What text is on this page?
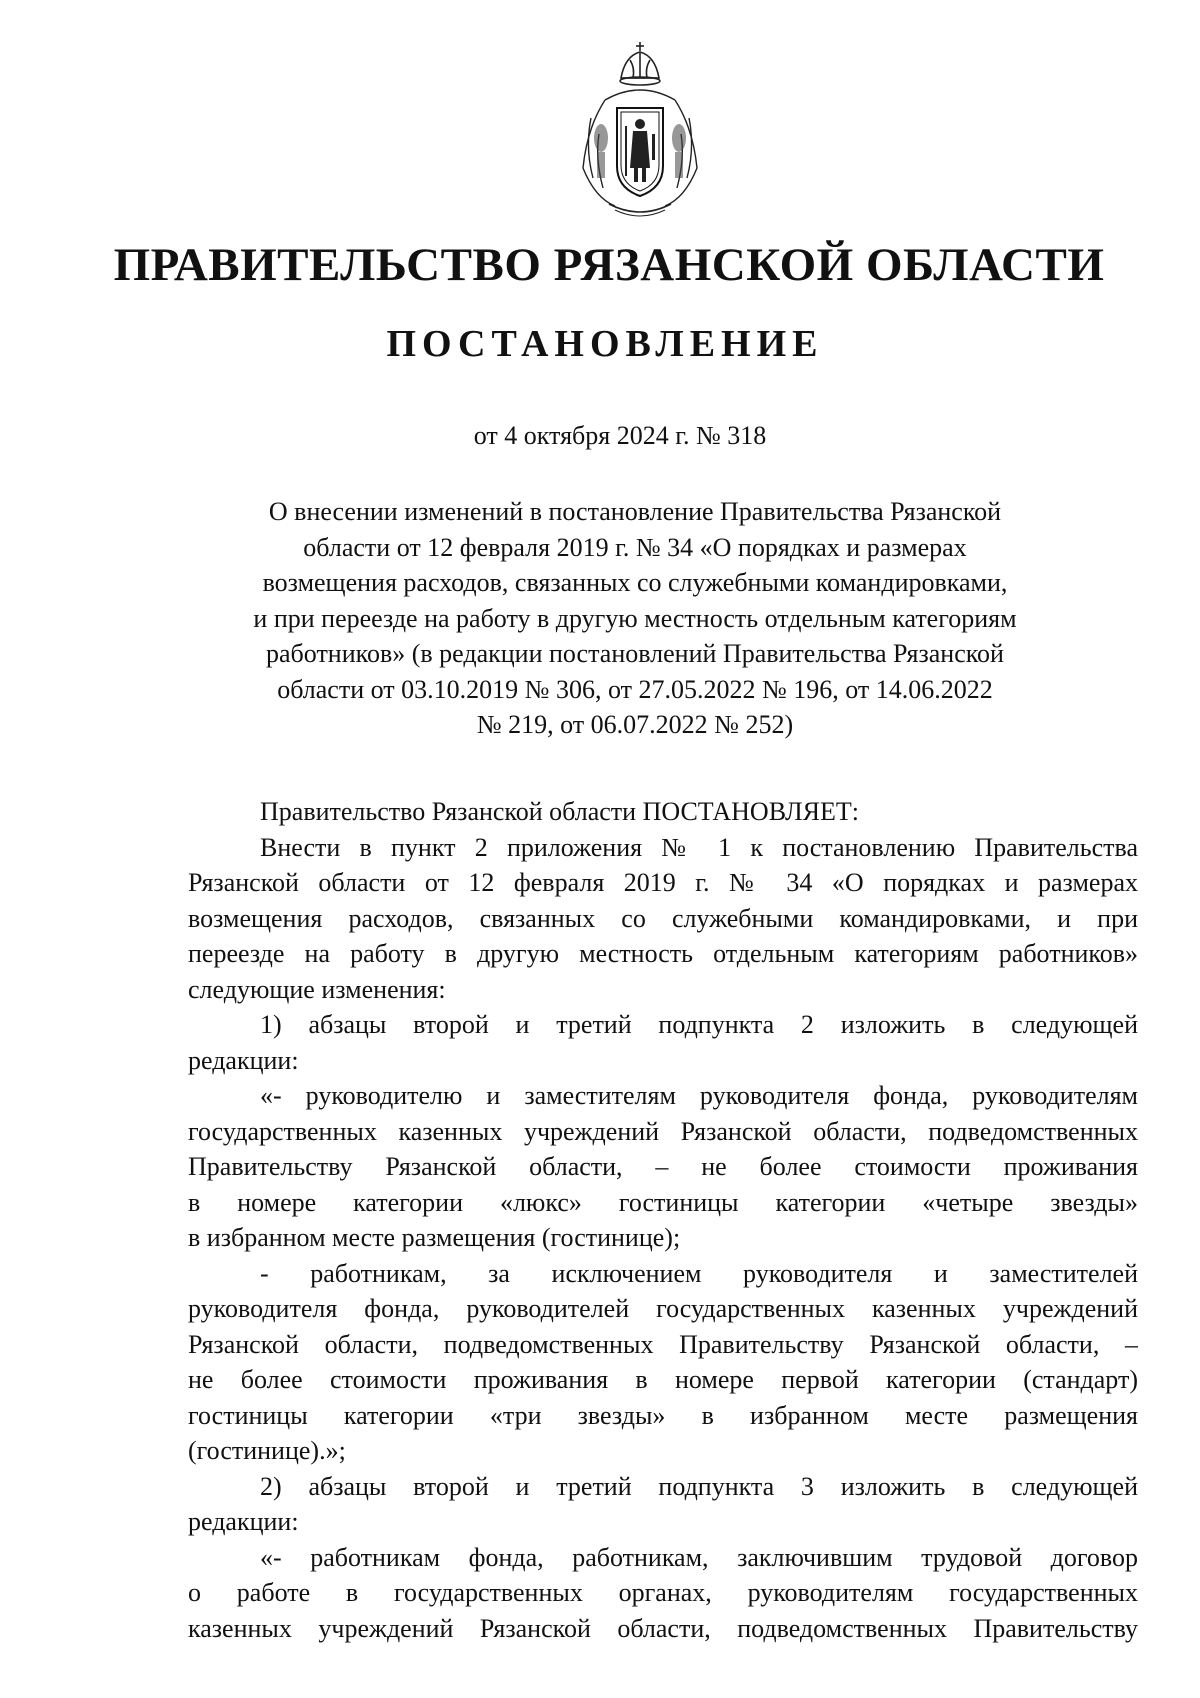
ПРАВИТЕЛЬСТВО РЯЗАНСКОЙ ОБЛАСТИ
ПОСТАНОВЛЕНИЕ
от 4 октября 2024 г. № 318
О внесении изменений в постановление Правительства Рязанской
области от 12 февраля 2019 г. № 34 «О порядках и размерах
возмещения расходов, связанных со служебными командировками,
и при переезде на работу в другую местность отдельным категориям
работников» (в редакции постановлений Правительства Рязанской
области от 03.10.2019 № 306, от 27.05.2022 № 196, от 14.06.2022
№ 219, от 06.07.2022 № 252)
Правительство Рязанской области ПОСТАНОВЛЯЕТ:
Внести в пункт 2 приложения № 1 к постановлению Правительства
Рязанской области от 12 февраля 2019 г. № 34 «О порядках и размерах
возмещения расходов, связанных со служебными командировками, и при
переезде на работу в другую местность отдельным категориям работников»
следующие изменения:
1) абзацы второй и третий подпункта 2 изложить в следующей
редакции:
«- руководителю и заместителям руководителя фонда, руководителям
государственных казенных учреждений Рязанской области, подведомственных
Правительству Рязанской области, – не более стоимости проживания
в номере категории «люкс» гостиницы категории «четыре звезды»
в избранном месте размещения (гостинице);
- работникам, за исключением руководителя и заместителей
руководителя фонда, руководителей государственных казенных учреждений
Рязанской области, подведомственных Правительству Рязанской области, –
не более стоимости проживания в номере первой категории (стандарт)
гостиницы категории «три звезды» в избранном месте размещения
(гостинице).»;
2) абзацы второй и третий подпункта 3 изложить в следующей
редакции:
«- работникам фонда, работникам, заключившим трудовой договор
о работе в государственных органах, руководителям государственных
казенных учреждений Рязанской области, подведомственных Правительству
